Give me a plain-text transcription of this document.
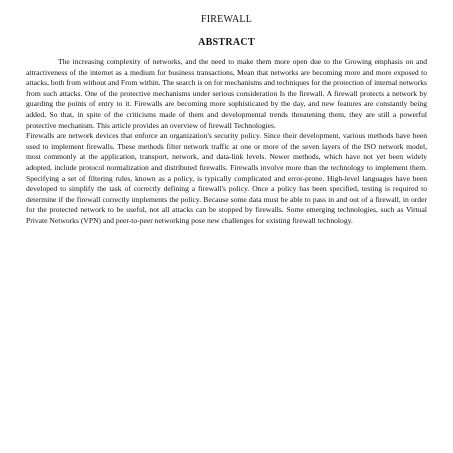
FIREWALL
ABSTRACT

The increasing complexity of networks, and the need to make them more open due to the Growing emphasis on and attractiveness of the internet as a medium for business transactions, Mean that networks are becoming more and more exposed to attacks, both from without and From within. The search is on for mechanisms and techniques for the protection of internal networks from such attacks. One of the protective mechanisms under serious consideration Is the firewall. A firewall protects a network by guarding the points of entry to it. Firewalls are becoming more sophisticated by the day, and new features are constantly being added, So that, in spite of the criticisms made of them and developmental trends threatening them, they are still a powerful protective mechanism. This article provides an overview of firewall Technologies.

Firewalls are network devices that enforce an organization's security policy. Since their development, various methods have been used to implement firewalls. These methods filter network traffic at one or more of the seven layers of the ISO network model, most commonly at the application, transport, network, and data-link levels. Newer methods, which have not yet been widely adopted, include protocol normalization and distributed firewalls. Firewalls involve more than the technology to implement them. Specifying a set of filtering rules, known as a policy, is typically complicated and error-prone. High-level languages have been developed to simplify the task of correctly defining a firewall's policy. Once a policy has been specified, testing is required to determine if the firewall correctly implements the policy. Because some data must be able to pass in and out of a firewall, in order for the protected network to be useful, not all attacks can be stopped by firewalls. Some emerging technologies, such as Virtual Private Networks (VPN) and peer-to-peer networking pose new challenges for existing firewall technology.
